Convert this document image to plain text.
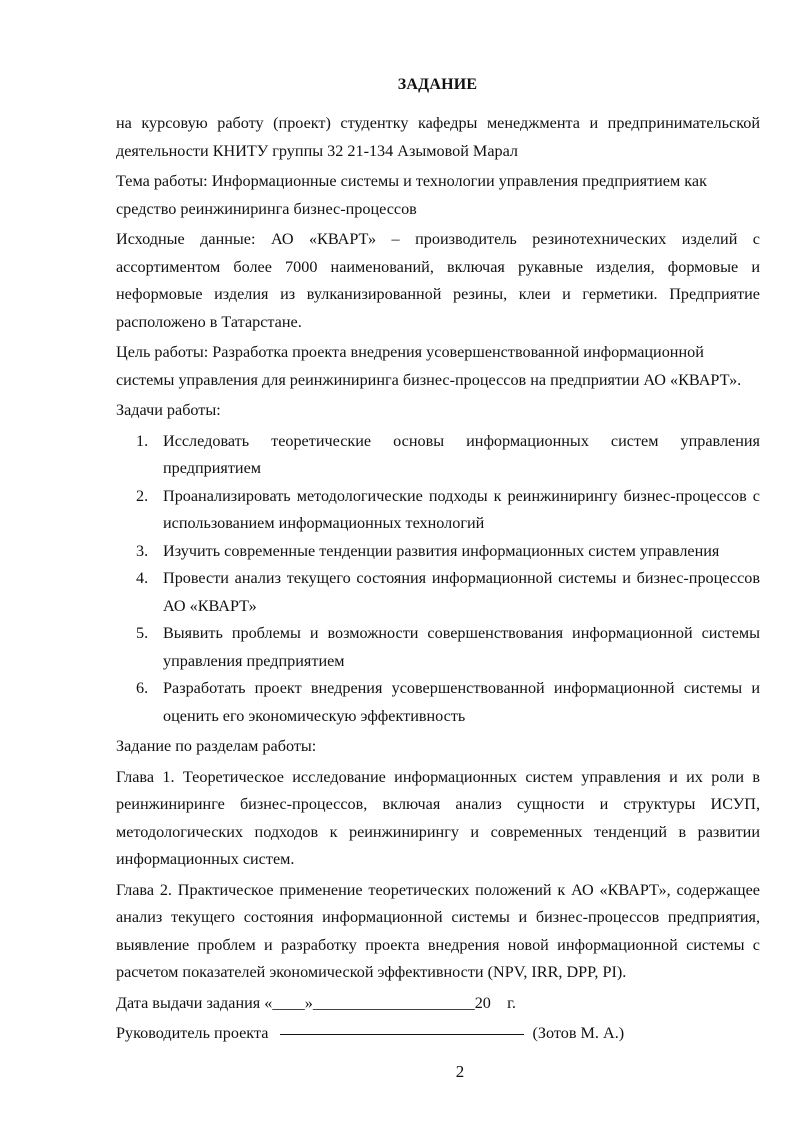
ЗАДАНИЕ

на курсовую работу (проект) студентку кафедры менеджмента и предпринимательской деятельности КНИТУ группы 32 21-134 Азымовой Марал

Тема работы: Информационные системы и технологии управления предприятием как средство реинжиниринга бизнес-процессов

Исходные данные: АО «КВАРТ» – производитель резинотехнических изделий с ассортиментом более 7000 наименований, включая рукавные изделия, формовые и неформовые изделия из вулканизированной резины, клеи и герметики. Предприятие расположено в Татарстане.

Цель работы: Разработка проекта внедрения усовершенствованной информационной системы управления для реинжиниринга бизнес-процессов на предприятии АО «КВАРТ».

Задачи работы:

1. Исследовать теоретические основы информационных систем управления предприятием
2. Проанализировать методологические подходы к реинжинирингу бизнес-процессов с использованием информационных технологий
3. Изучить современные тенденции развития информационных систем управления
4. Провести анализ текущего состояния информационной системы и бизнес-процессов АО «КВАРТ»
5. Выявить проблемы и возможности совершенствования информационной системы управления предприятием
6. Разработать проект внедрения усовершенствованной информационной системы и оценить его экономическую эффективность

Задание по разделам работы:

Глава 1. Теоретическое исследование информационных систем управления и их роли в реинжиниринге бизнес-процессов, включая анализ сущности и структуры ИСУП, методологических подходов к реинжинирингу и современных тенденций в развитии информационных систем.

Глава 2. Практическое применение теоретических положений к АО «КВАРТ», содержащее анализ текущего состояния информационной системы и бизнес-процессов предприятия, выявление проблем и разработку проекта внедрения новой информационной системы с расчетом показателей экономической эффективности (NPV, IRR, DPP, PI).

Дата выдачи задания «____»____________________20    г.

Руководитель проекта	(Зотов М. А.)

2
